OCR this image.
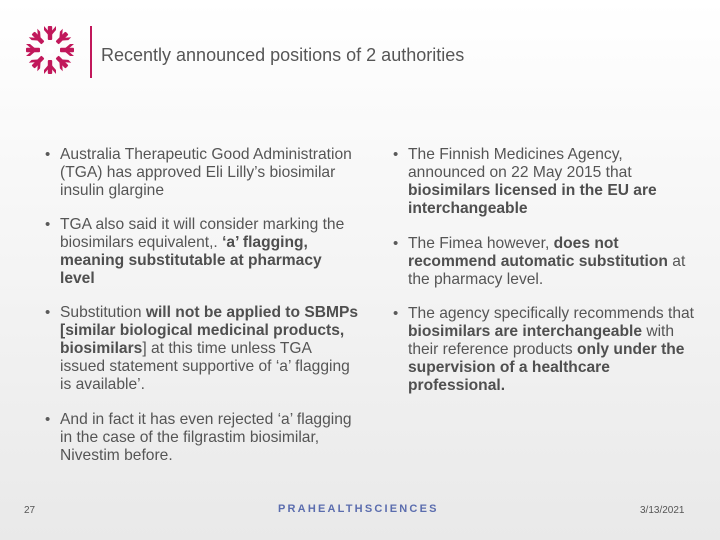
Recently announced positions of 2 authorities
• Australia Therapeutic Good Administration (TGA) has approved Eli Lilly’s biosimilar insulin glargine
• TGA also said it will consider marking the biosimilars equivalent,. ‘a’ flagging, meaning substitutable at pharmacy level
• Substitution will not be applied to SBMPs [similar biological medicinal products, biosimilars] at this time unless TGA issued statement supportive of ‘a’ flagging is available’.
• And in fact it has even rejected ‘a’ flagging in the case of the filgrastim biosimilar, Nivestim before.
• The Finnish Medicines Agency, announced on 22 May 2015 that biosimilars licensed in the EU are interchangeable
• The Fimea however, does not recommend automatic substitution at the pharmacy level.
• The agency specifically recommends that biosimilars are interchangeable with their reference products only under the supervision of a healthcare professional.
27	PRAHEALTHSCIENCES	3/13/2021
